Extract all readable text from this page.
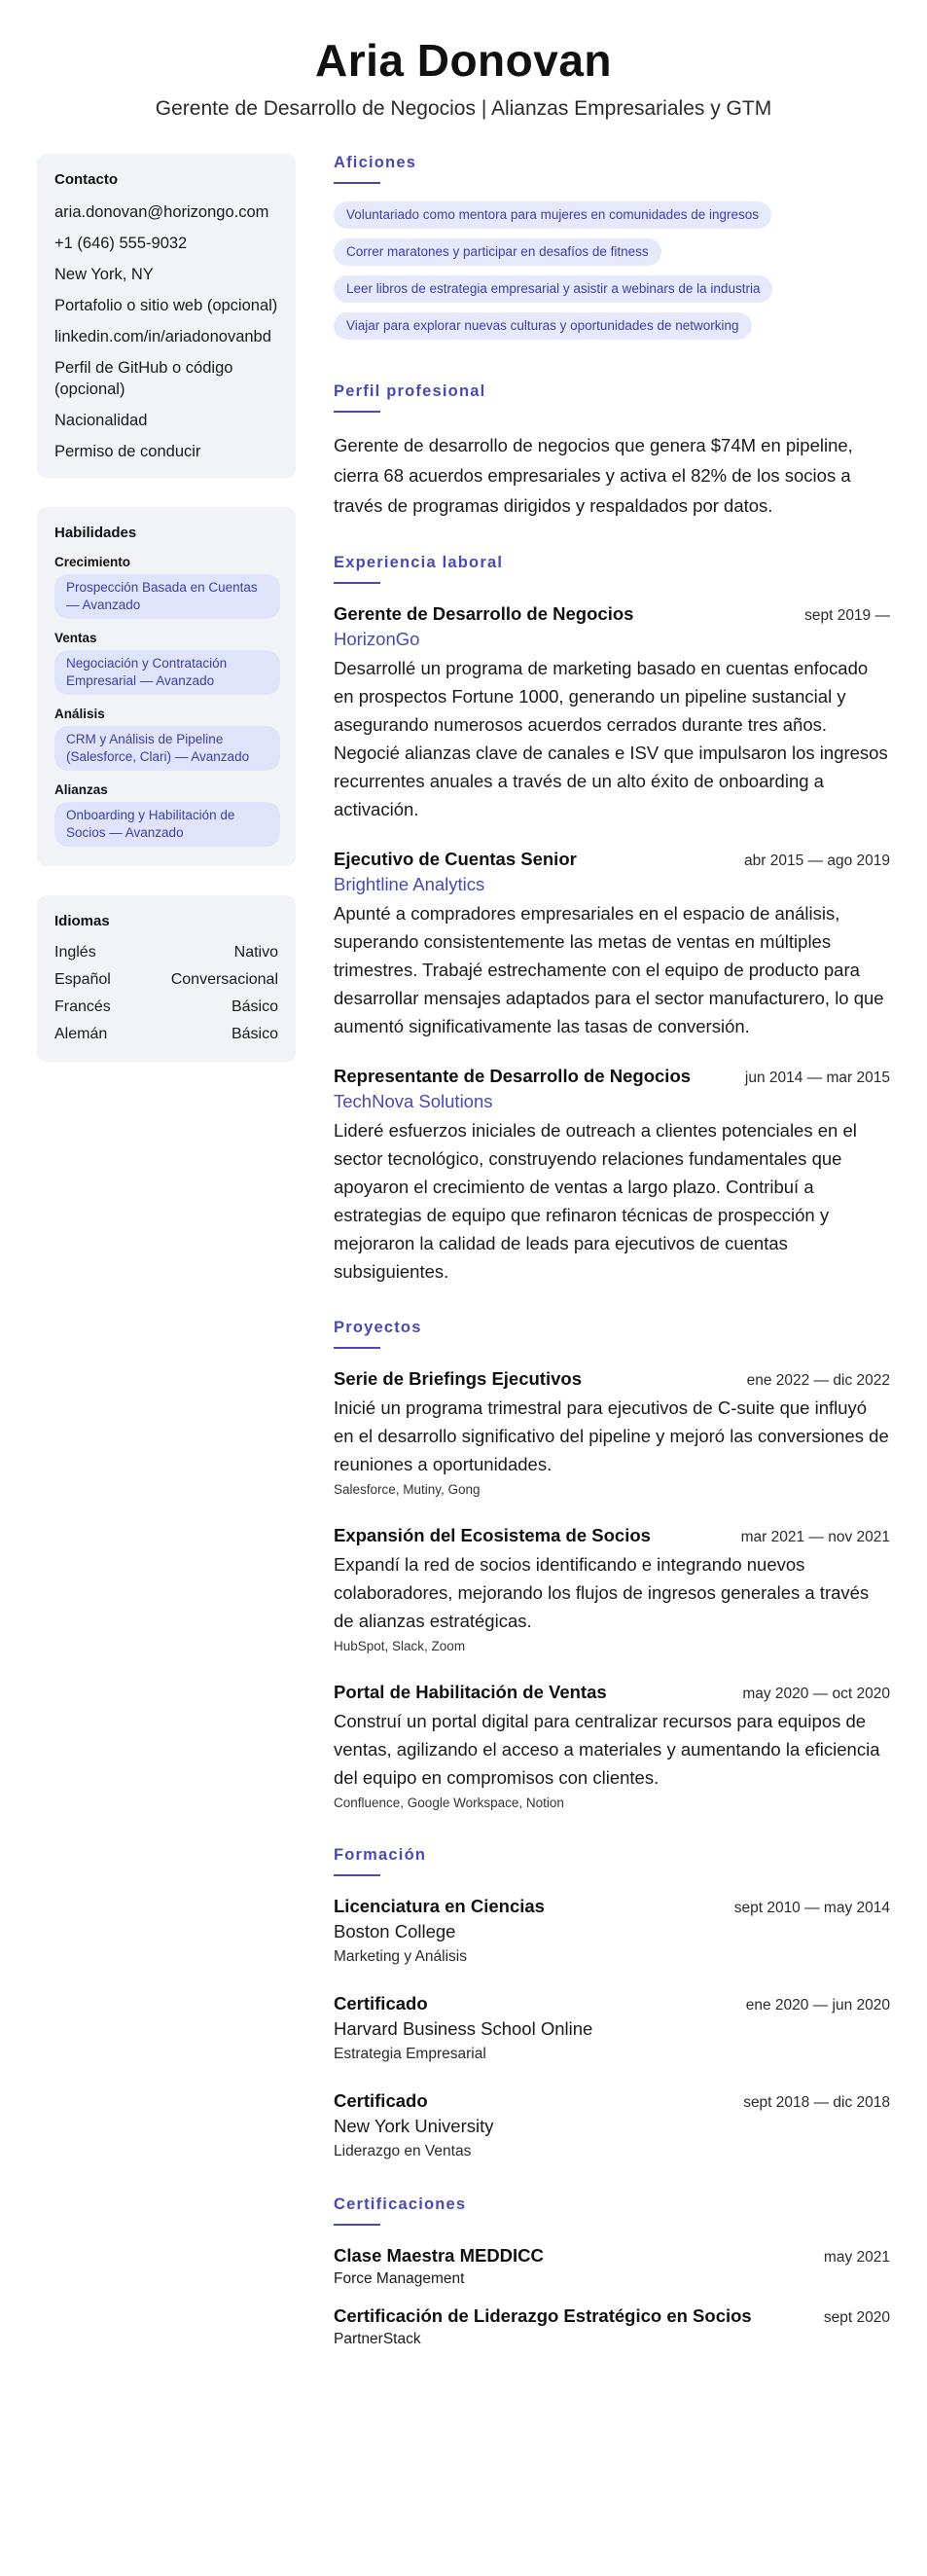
Aria Donovan
Gerente de Desarrollo de Negocios | Alianzas Empresariales y GTM
Contacto
aria.donovan@horizongo.com
+1 (646) 555-9032
New York, NY
Portafolio o sitio web (opcional)
linkedin.com/in/ariadonovanbd
Perfil de GitHub o código (opcional)
Nacionalidad
Permiso de conducir
Habilidades
Crecimiento
Prospección Basada en Cuentas — Avanzado
Ventas
Negociación y Contratación Empresarial — Avanzado
Análisis
CRM y Análisis de Pipeline (Salesforce, Clari) — Avanzado
Alianzas
Onboarding y Habilitación de Socios — Avanzado
Idiomas
Inglés	Nativo
Español	Conversacional
Francés	Básico
Alemán	Básico
Aficiones
Voluntariado como mentora para mujeres en comunidades de ingresos
Correr maratones y participar en desafíos de fitness
Leer libros de estrategia empresarial y asistir a webinars de la industria
Viajar para explorar nuevas culturas y oportunidades de networking
Perfil profesional
Gerente de desarrollo de negocios que genera $74M en pipeline, cierra 68 acuerdos empresariales y activa el 82% de los socios a través de programas dirigidos y respaldados por datos.
Experiencia laboral
Gerente de Desarrollo de Negocios	sept 2019 —
HorizonGo
Desarrollé un programa de marketing basado en cuentas enfocado en prospectos Fortune 1000, generando un pipeline sustancial y asegurando numerosos acuerdos cerrados durante tres años. Negocié alianzas clave de canales e ISV que impulsaron los ingresos recurrentes anuales a través de un alto éxito de onboarding a activación.
Ejecutivo de Cuentas Senior	abr 2015 — ago 2019
Brightline Analytics
Apunté a compradores empresariales en el espacio de análisis, superando consistentemente las metas de ventas en múltiples trimestres. Trabajé estrechamente con el equipo de producto para desarrollar mensajes adaptados para el sector manufacturero, lo que aumentó significativamente las tasas de conversión.
Representante de Desarrollo de Negocios	jun 2014 — mar 2015
TechNova Solutions
Lideré esfuerzos iniciales de outreach a clientes potenciales en el sector tecnológico, construyendo relaciones fundamentales que apoyaron el crecimiento de ventas a largo plazo. Contribuí a estrategias de equipo que refinaron técnicas de prospección y mejoraron la calidad de leads para ejecutivos de cuentas subsiguientes.
Proyectos
Serie de Briefings Ejecutivos	ene 2022 — dic 2022
Inicié un programa trimestral para ejecutivos de C-suite que influyó en el desarrollo significativo del pipeline y mejoró las conversiones de reuniones a oportunidades.
Salesforce, Mutiny, Gong
Expansión del Ecosistema de Socios	mar 2021 — nov 2021
Expandí la red de socios identificando e integrando nuevos colaboradores, mejorando los flujos de ingresos generales a través de alianzas estratégicas.
HubSpot, Slack, Zoom
Portal de Habilitación de Ventas	may 2020 — oct 2020
Construí un portal digital para centralizar recursos para equipos de ventas, agilizando el acceso a materiales y aumentando la eficiencia del equipo en compromisos con clientes.
Confluence, Google Workspace, Notion
Formación
Licenciatura en Ciencias	sept 2010 — may 2014
Boston College
Marketing y Análisis
Certificado	ene 2020 — jun 2020
Harvard Business School Online
Estrategia Empresarial
Certificado	sept 2018 — dic 2018
New York University
Liderazgo en Ventas
Certificaciones
Clase Maestra MEDDICC	may 2021
Force Management
Certificación de Liderazgo Estratégico en Socios	sept 2020
PartnerStack
